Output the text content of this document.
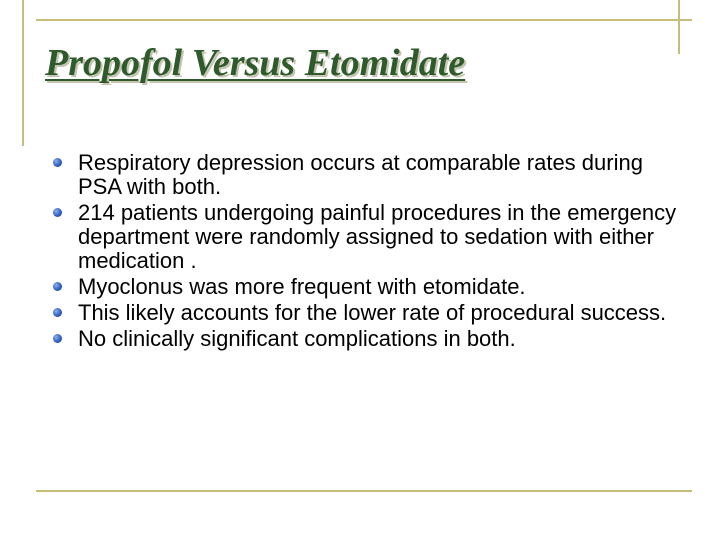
Propofol Versus Etomidate
Respiratory depression occurs at comparable rates during PSA with both.
214 patients undergoing painful procedures in the emergency department were randomly assigned to sedation with either medication .
Myoclonus was more frequent with etomidate.
This likely accounts for the lower rate of procedural success.
No clinically significant complications in both.
